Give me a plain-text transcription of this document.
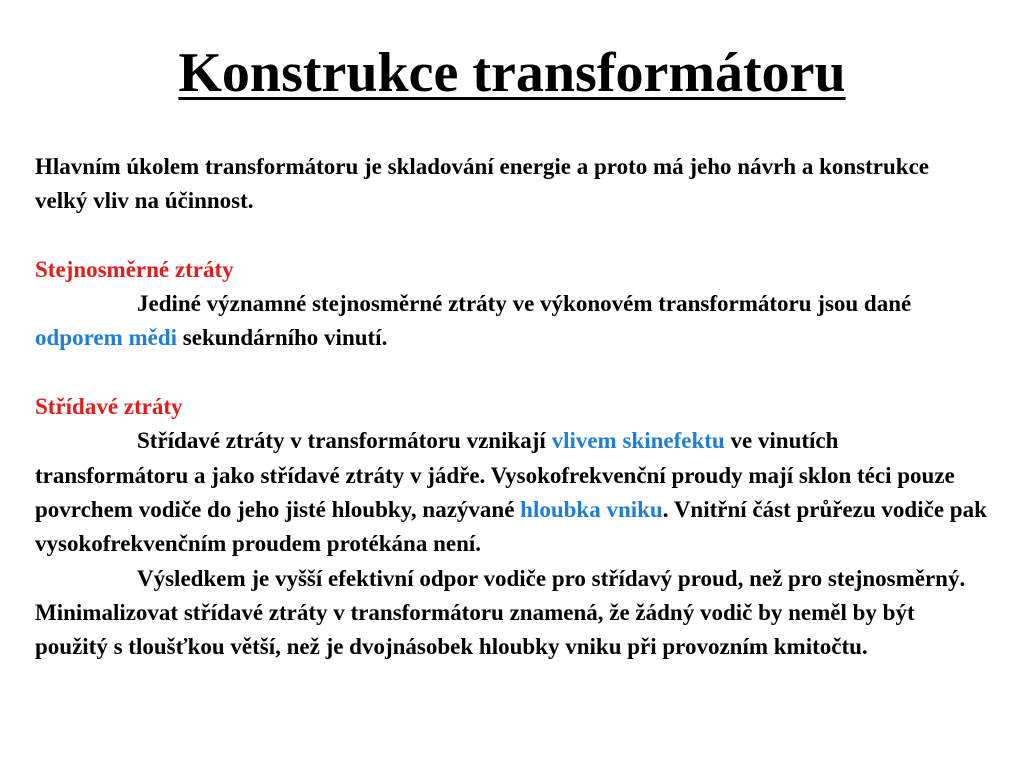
Konstrukce transformátoru

Hlavním úkolem transformátoru je skladování energie a proto má jeho návrh a konstrukce velký vliv na účinnost.

Stejnosměrné ztráty

Jediné významné stejnosměrné ztráty ve výkonovém transformátoru jsou dané odporem mědi sekundárního vinutí.

Střídavé ztráty

Střídavé ztráty v transformátoru vznikají vlivem skinefektu ve vinutích transformátoru a jako střídavé ztráty v jádře. Vysokofrekvenční proudy mají sklon téci pouze povrchem vodiče do jeho jisté hloubky, nazývané hloubka vniku. Vnitřní část průřezu vodiče pak vysokofrekvenčním proudem protékána není.

Výsledkem je vyšší efektivní odpor vodiče pro střídavý proud, než pro stejnosměrný. Minimalizovat střídavé ztráty v transformátoru znamená, že žádný vodič by neměl by být použitý s tloušťkou větší, než je dvojnásobek hloubky vniku při provozním kmitočtu.
